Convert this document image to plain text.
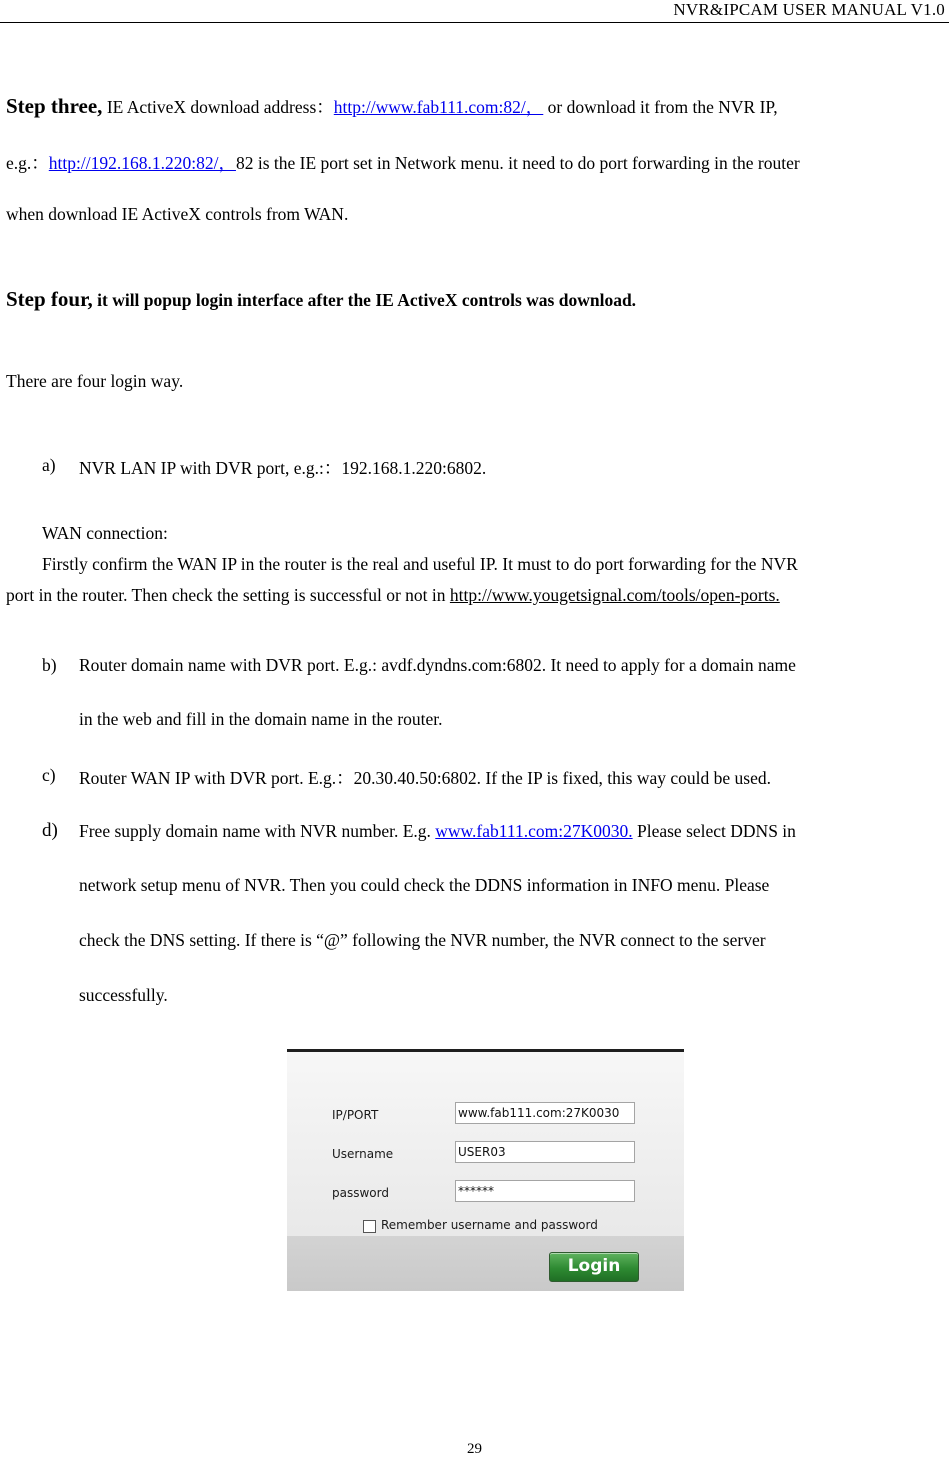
NVR&IPCAM USER MANUAL V1.0
Step three, IE ActiveX download address：http://www.fab111.com:82/， or download it from the NVR IP,
e.g.：http://192.168.1.220:82/，82 is the IE port set in Network menu. it need to do port forwarding in the router
when download IE ActiveX controls from WAN.
Step four, it will popup login interface after the IE ActiveX controls was download.
There are four login way.
a) NVR LAN IP with DVR port, e.g.:：192.168.1.220:6802.
WAN connection:
Firstly confirm the WAN IP in the router is the real and useful IP. It must to do port forwarding for the NVR
port in the router. Then check the setting is successful or not in http://www.yougetsignal.com/tools/open-ports.
b) Router domain name with DVR port. E.g.: avdf.dyndns.com:6802. It need to apply for a domain name
in the web and fill in the domain name in the router.
c) Router WAN IP with DVR port. E.g.：20.30.40.50:6802. If the IP is fixed, this way could be used.
d) Free supply domain name with NVR number. E.g. www.fab111.com:27K0030. Please select DDNS in
network setup menu of NVR. Then you could check the DDNS information in INFO menu. Please
check the DNS setting. If there is “@” following the NVR number, the NVR connect to the server
successfully.
IP/PORT	www.fab111.com:27K0030
Username	USER03
password	******
Remember username and password
Login
29
